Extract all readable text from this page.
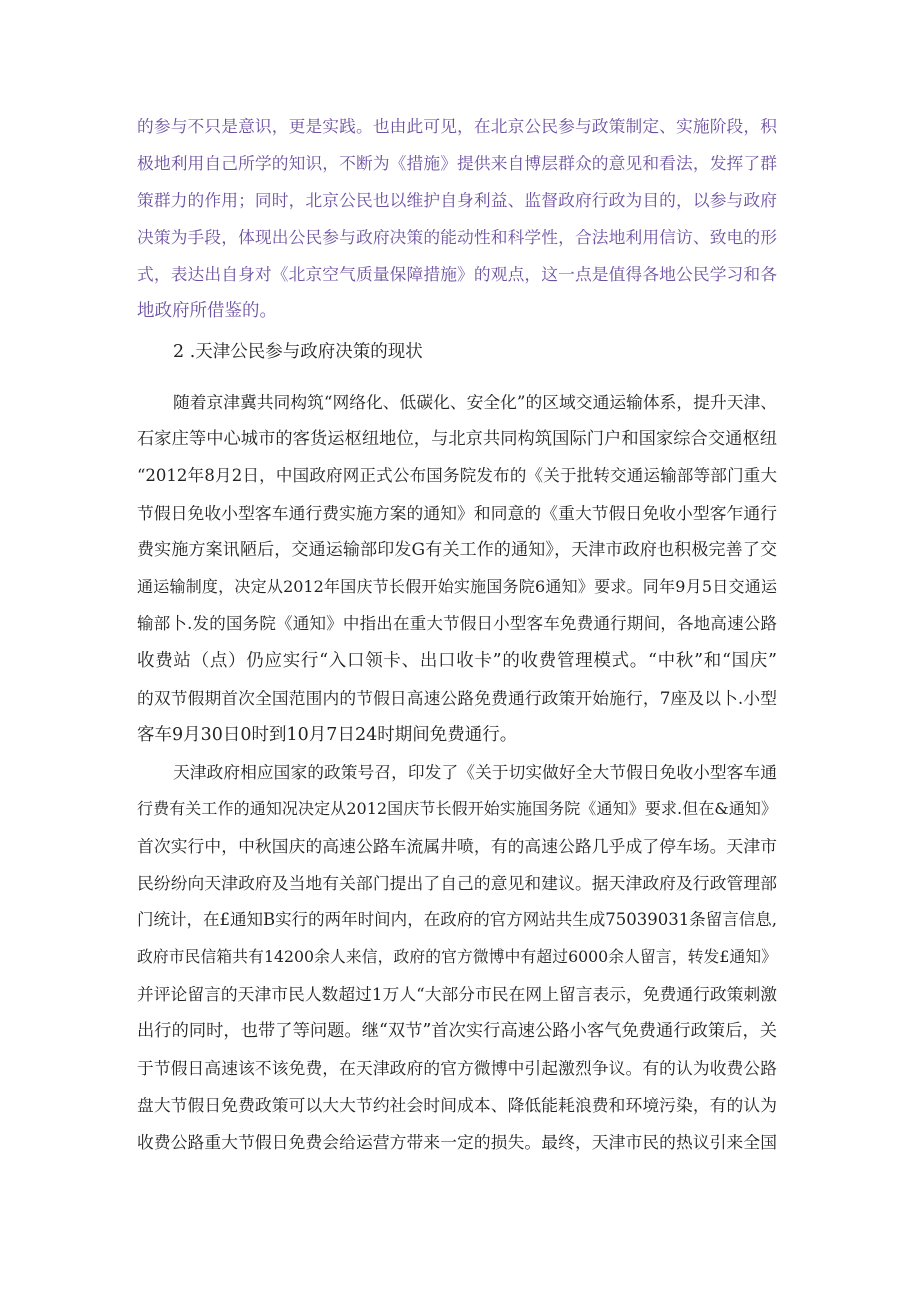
的参与不只是意识，更是实践。也由此可见，在北京公民参与政策制定、实施阶段，积
极地利用自己所学的知识，不断为《措施》提供来自博层群众的意见和看法，发挥了群
策群力的作用；同时，北京公民也以维护自身利益、监督政府行政为目的，以参与政府
决策为手段，体现出公民参与政府决策的能动性和科学性，合法地利用信访、致电的形
式，表达出自身对《北京空气质量保障措施》的观点，这一点是值得各地公民学习和各
地政府所借鉴的。
2 .天津公民参与政府决策的现状
随着京津冀共同构筑“网络化、低碳化、安全化”的区域交通运输体系，提升天津、
石家庄等中心城市的客货运枢纽地位，与北京共同构筑国际门户和国家综合交通枢纽
“2012年8月2日，中国政府网正式公布国务院发布的《关于批转交通运输部等部门重大
节假日免收小型客车通行费实施方案的通知》和同意的《重大节假日免收小型客乍通行
费实施方案讯陋后，交通运输部印发G有关工作的通知》，天津市政府也积极完善了交
通运输制度，决定从2012年国庆节长假开始实施国务院6通知》要求。同年9月5日交通运
输部卜.发的国务院《通知》中指出在重大节假日小型客车免费通行期间，各地高速公路
收费站（点）仍应实行“入口领卡、出口收卡”的收费管理模式。“中秋”和“国庆”
的双节假期首次全国范围内的节假日高速公路免费通行政策开始施行，7座及以卜.小型
客车9月30日0时到10月7日24时期间免费通行。
天津政府相应国家的政策号召，印发了《关于切实做好全大节假日免收小型客车通
行费有关工作的通知况决定从2012国庆节长假开始实施国务院《通知》要求.但在&通知》
首次实行中，中秋国庆的高速公路车流属井喷，有的高速公路几乎成了停车场。天津市
民纷纷向天津政府及当地有关部门提出了自己的意见和建议。据天津政府及行政管理部
门统计，在£通知B实行的两年时间内，在政府的官方网站共生成75039031条留言信息,
政府市民信箱共有14200余人来信，政府的官方微博中有超过6000余人留言，转发£通知》
并评论留言的天津市民人数超过1万人“大部分市民在网上留言表示，免费通行政策刺激
出行的同时，也带了等问题。继“双节”首次实行高速公路小客气免费通行政策后，关
于节假日高速该不该免费，在天津政府的官方微博中引起激烈争议。有的认为收费公路
盘大节假日免费政策可以大大节约社会时间成本、降低能耗浪费和环境污染，有的认为
收费公路重大节假日免费会给运营方带来一定的损失。最终，天津市民的热议引来全国
